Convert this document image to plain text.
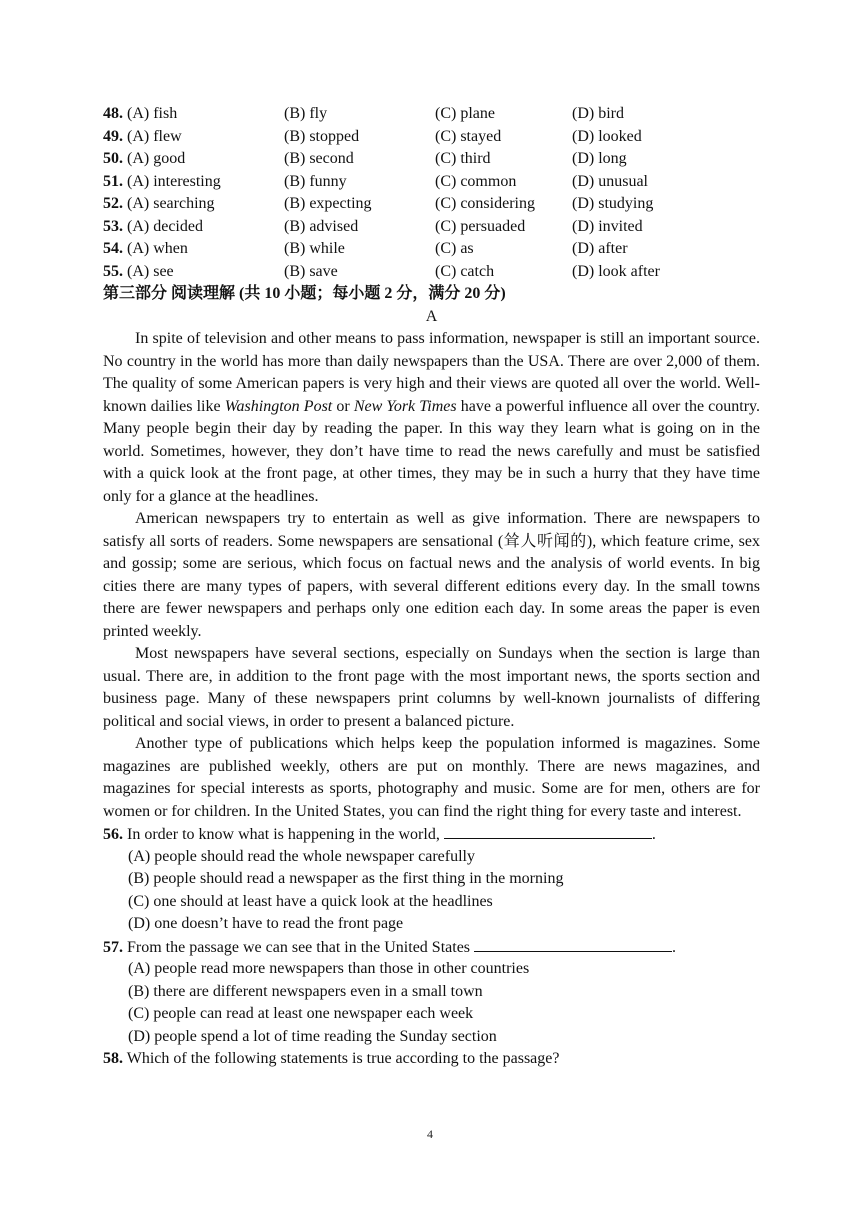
48. (A) fish	(B) fly	(C) plane	(D) bird
49. (A) flew	(B) stopped	(C) stayed	(D) looked
50. (A) good	(B) second	(C) third	(D) long
51. (A) interesting	(B) funny	(C) common	(D) unusual
52. (A) searching	(B) expecting	(C) considering	(D) studying
53. (A) decided	(B) advised	(C) persuaded	(D) invited
54. (A) when	(B) while	(C) as	(D) after
55. (A) see	(B) save	(C) catch	(D) look after
第三部分 阅读理解 (共 10 小题；每小题 2 分，满分 20 分)
A

In spite of television and other means to pass information, newspaper is still an important source. No country in the world has more than daily newspapers than the USA. There are over 2,000 of them. The quality of some American papers is very high and their views are quoted all over the world. Well-known dailies like Washington Post or New York Times have a powerful influence all over the country. Many people begin their day by reading the paper. In this way they learn what is going on in the world. Sometimes, however, they don’t have time to read the news carefully and must be satisfied with a quick look at the front page, at other times, they may be in such a hurry that they have time only for a glance at the headlines.

American newspapers try to entertain as well as give information. There are newspapers to satisfy all sorts of readers. Some newspapers are sensational (耸人听闻的), which feature crime, sex and gossip; some are serious, which focus on factual news and the analysis of world events. In big cities there are many types of papers, with several different editions every day. In the small towns there are fewer newspapers and perhaps only one edition each day. In some areas the paper is even printed weekly.

Most newspapers have several sections, especially on Sundays when the section is large than usual. There are, in addition to the front page with the most important news, the sports section and business page. Many of these newspapers print columns by well-known journalists of differing political and social views, in order to present a balanced picture.

Another type of publications which helps keep the population informed is magazines. Some magazines are published weekly, others are put on monthly. There are news magazines, and magazines for special interests as sports, photography and music. Some are for men, others are for women or for children. In the United States, you can find the right thing for every taste and interest.

56. In order to know what is happening in the world,	.
(A) people should read the whole newspaper carefully
(B) people should read a newspaper as the first thing in the morning
(C) one should at least have a quick look at the headlines
(D) one doesn’t have to read the front page
57. From the passage we can see that in the United States	.
(A) people read more newspapers than those in other countries
(B) there are different newspapers even in a small town
(C) people can read at least one newspaper each week
(D) people spend a lot of time reading the Sunday section
58. Which of the following statements is true according to the passage?
4
